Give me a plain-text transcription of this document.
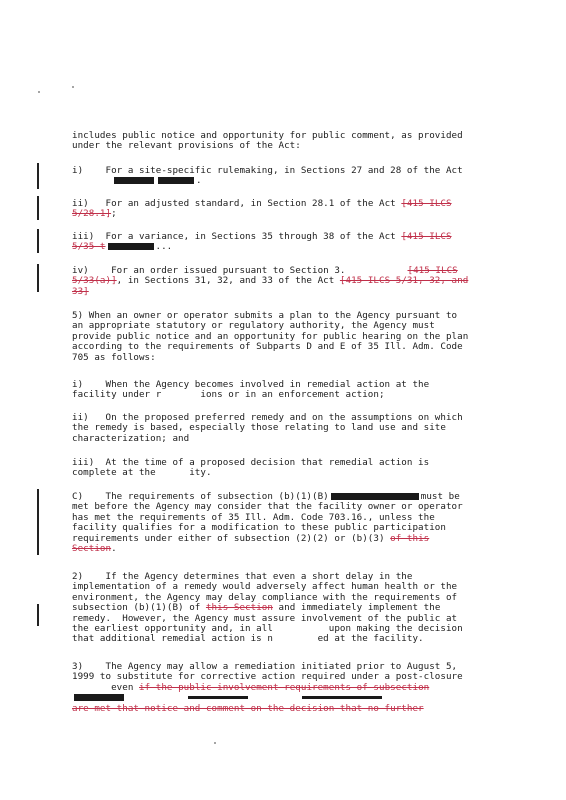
includes public notice and opportunity for public comment, as provided
under the relevant provisions of the Act:
i) For a site-specific rulemaking, in Sections 27 and 28 of the Act
.
ii) For an adjusted standard, in Section 28.1 of the Act [415 ILCS
5/28.1];
iii) For a variance, in Sections 35 through 38 of the Act [415 ILCS
5/35 t	...
iv) For an order issued pursuant to Section 3.	[415 ILCS
5/33(a)], in Sections 31, 32, and 33 of the Act [415 ILCS 5/31, 32, and
33]
5) When an owner or operator submits a plan to the Agency pursuant to
an appropriate statutory or regulatory authority, the Agency must
provide public notice and an opportunity for public hearing on the plan
according to the requirements of Subparts D and E of 35 Ill. Adm. Code
705 as follows:
i)    When the Agency becomes involved in remedial action at the
facility under r       ions or in an enforcement action;
ii)   On the proposed preferred remedy and on the assumptions on which
the remedy is based, especially those relating to land use and site
characterization; and
iii)  At the time of a proposed decision that remedial action is
complete at the      ity.
C)    The requirements of subsection (b)(1)(B)	must be
met before the Agency may consider that the facility owner or operator
has met the requirements of 35 Ill. Adm. Code 703.16., unless the
facility qualifies for a modification to these public participation
requirements under either of subsection (2)(2) or (b)(3) of this
Section.
2)    If the Agency determines that even a short delay in the
implementation of a remedy would adversely affect human health or the
environment, the Agency may delay compliance with the requirements of
subsection (b)(1)(B) of this Section and immediately implement the
remedy.  However, the Agency must assure involvement of the public at
the earliest opportunity and, in all          upon making the decision
that additional remedial action is n        ed at the facility.
3)    The Agency may allow a remediation initiated prior to August 5,
1999 to substitute for corrective action required under a post-closure
even if the public involvement requirements of subsection
are met that notice and comment on the decision that no further
